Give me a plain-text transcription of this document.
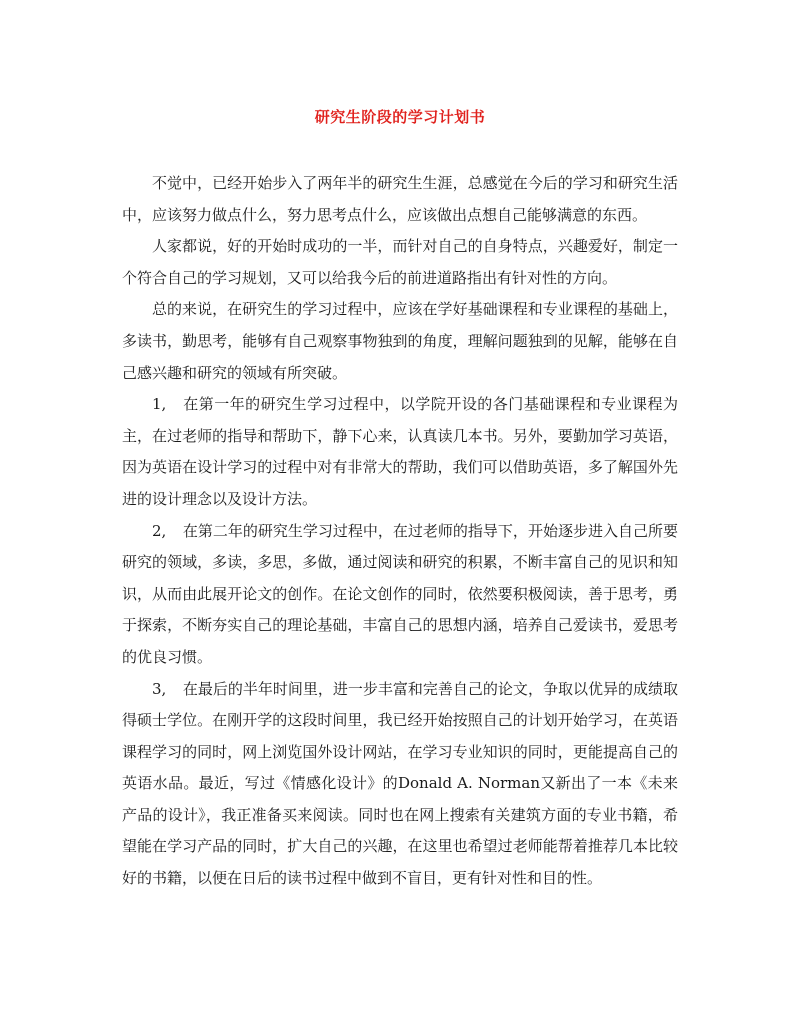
研究生阶段的学习计划书

不觉中，已经开始步入了两年半的研究生生涯，总感觉在今后的学习和研究生活中，应该努力做点什么，努力思考点什么，应该做出点想自己能够满意的东西。

人家都说，好的开始时成功的一半，而针对自己的自身特点，兴趣爱好，制定一个符合自己的学习规划，又可以给我今后的前进道路指出有针对性的方向。

总的来说，在研究生的学习过程中，应该在学好基础课程和专业课程的基础上，多读书，勤思考，能够有自己观察事物独到的角度，理解问题独到的见解，能够在自己感兴趣和研究的领域有所突破。

1, 在第一年的研究生学习过程中，以学院开设的各门基础课程和专业课程为主，在过老师的指导和帮助下，静下心来，认真读几本书。另外，要勤加学习英语，因为英语在设计学习的过程中对有非常大的帮助，我们可以借助英语，多了解国外先进的设计理念以及设计方法。

2, 在第二年的研究生学习过程中，在过老师的指导下，开始逐步进入自己所要研究的领域，多读，多思，多做，通过阅读和研究的积累，不断丰富自己的见识和知识，从而由此展开论文的创作。在论文创作的同时，依然要积极阅读，善于思考，勇于探索，不断夯实自己的理论基础，丰富自己的思想内涵，培养自己爱读书，爱思考的优良习惯。

3, 在最后的半年时间里，进一步丰富和完善自己的论文，争取以优异的成绩取得硕士学位。在刚开学的这段时间里，我已经开始按照自己的计划开始学习，在英语课程学习的同时，网上浏览国外设计网站，在学习专业知识的同时，更能提高自己的英语水品。最近，写过《情感化设计》的Donald A. Norman又新出了一本《未来产品的设计》，我正准备买来阅读。同时也在网上搜索有关建筑方面的专业书籍，希望能在学习产品的同时，扩大自己的兴趣，在这里也希望过老师能帮着推荐几本比较好的书籍，以便在日后的读书过程中做到不盲目，更有针对性和目的性。
